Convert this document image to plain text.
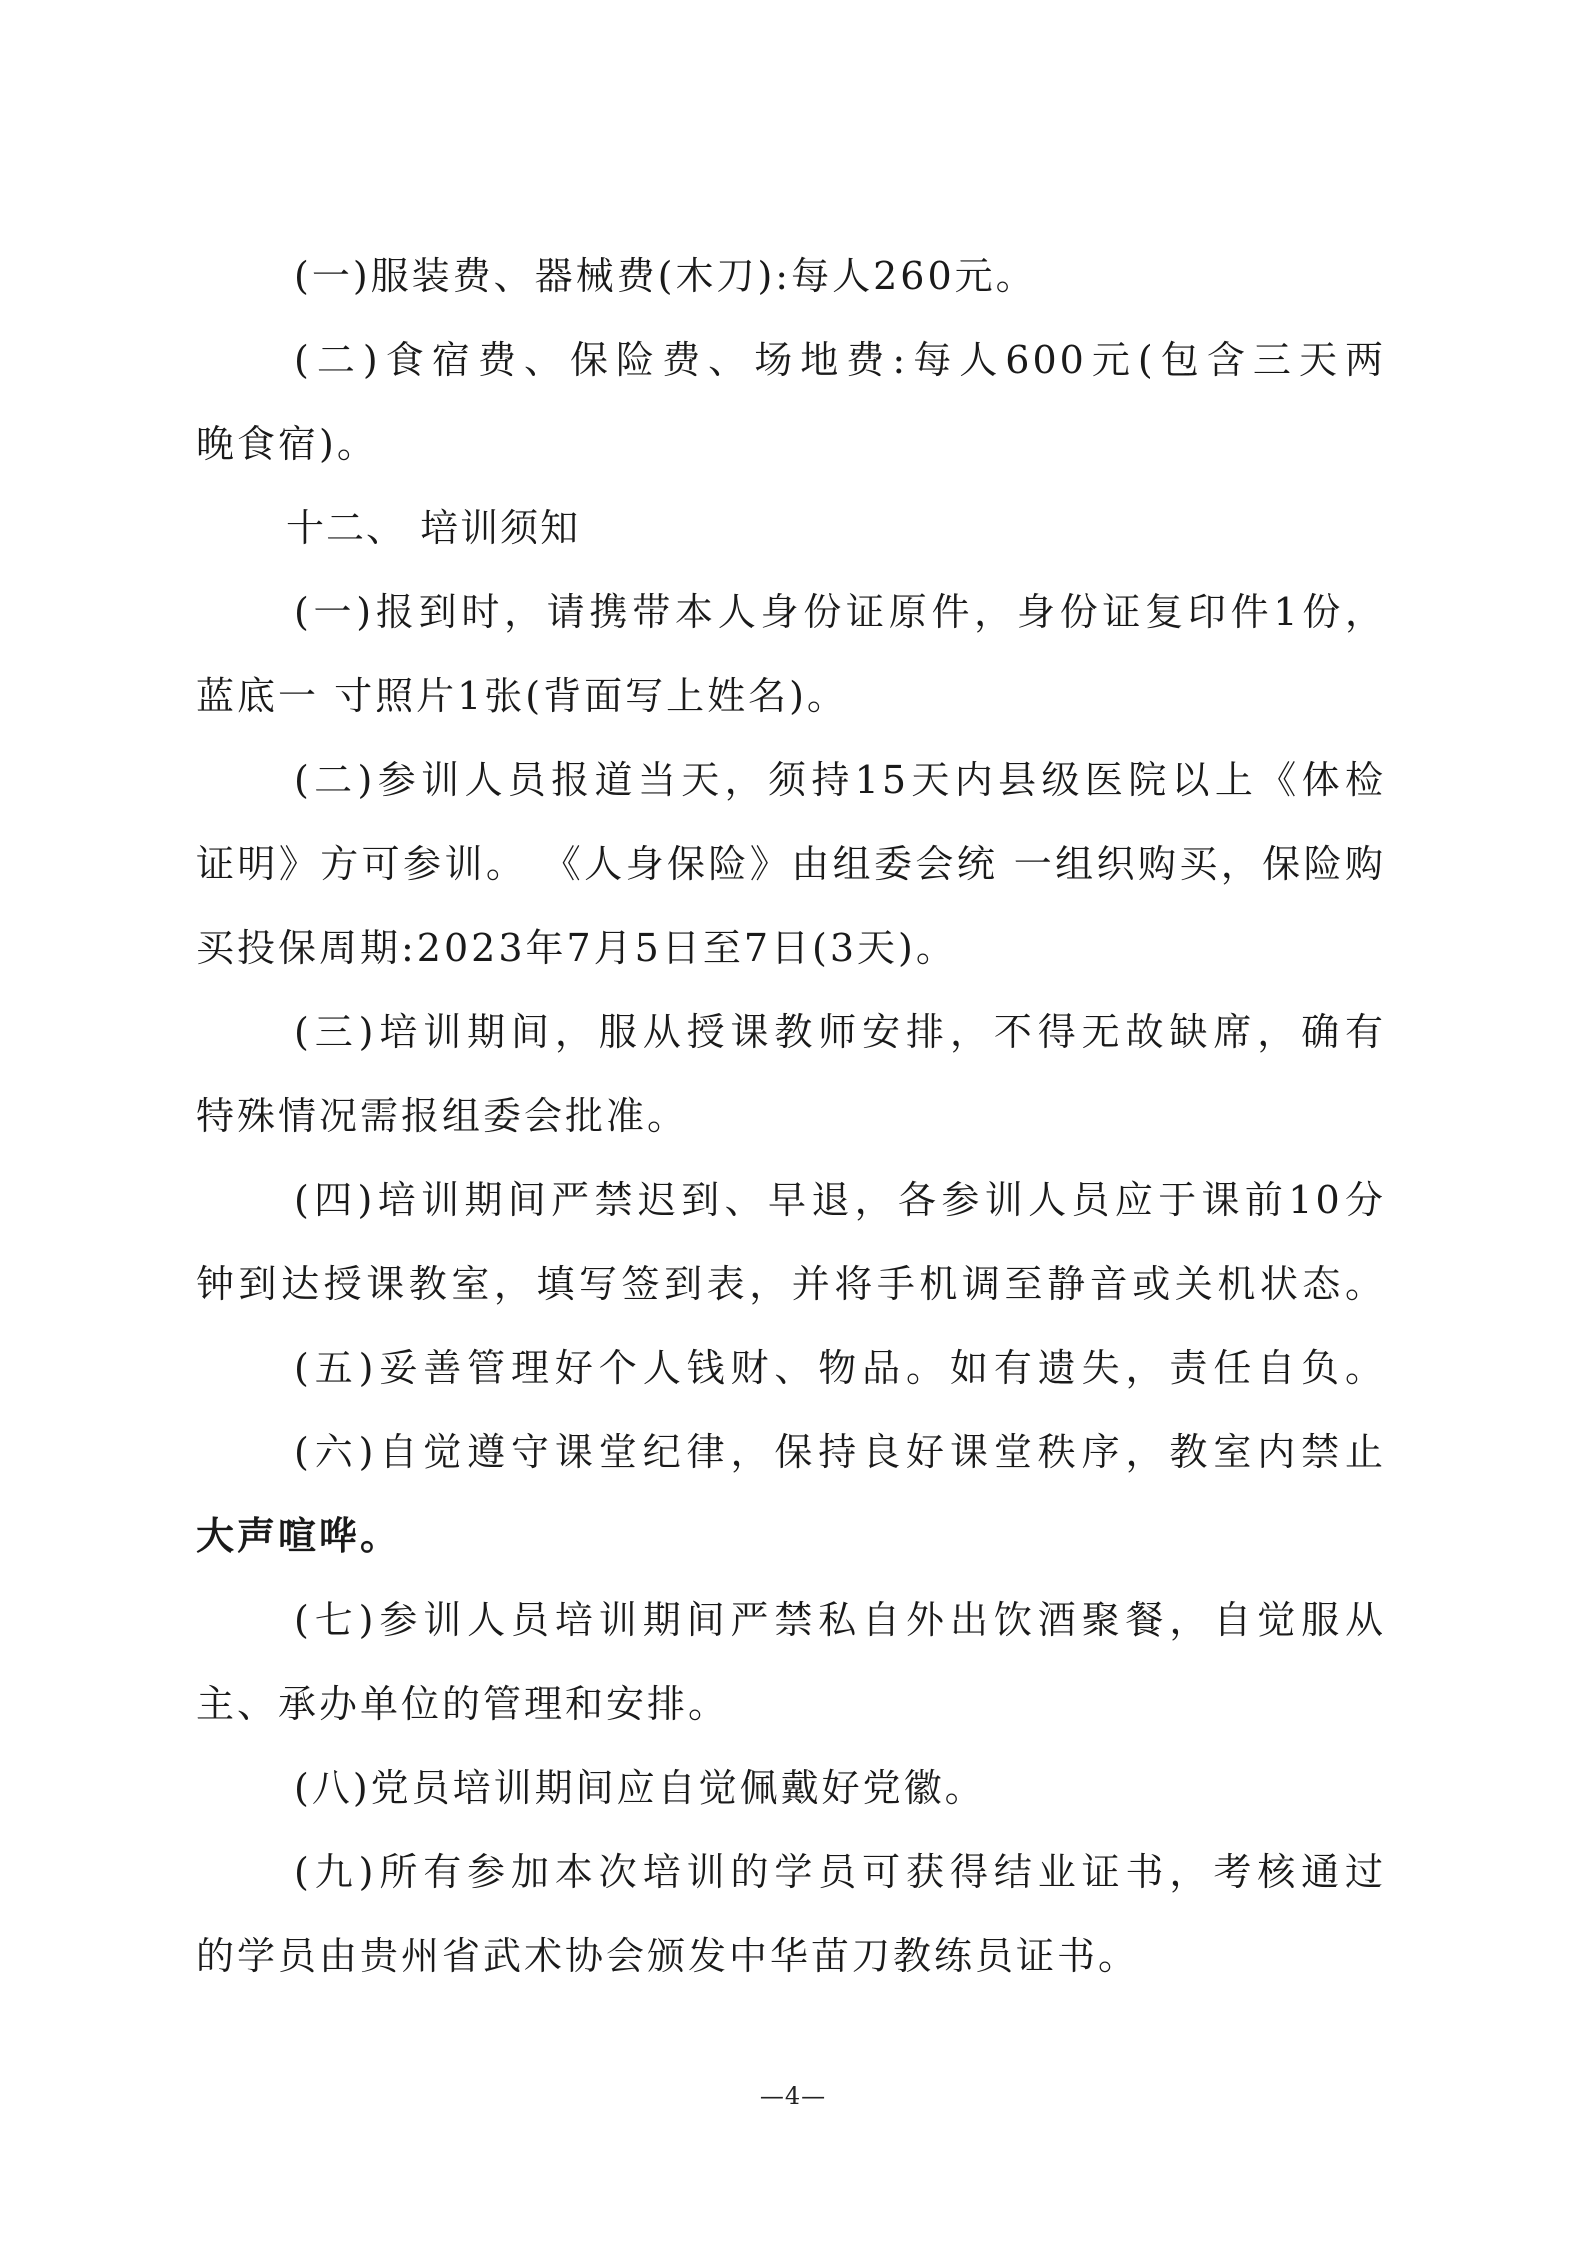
(一)服装费、器械费(木刀):每人260元。
(二)食宿费、保险费、场地费:每人600元(包含三天两
晚食宿)。
十二、 培训须知
(一)报到时，请携带本人身份证原件，身份证复印件1份，
蓝底一 寸照片1张(背面写上姓名)。
(二)参训人员报道当天，须持15天内县级医院以上《体检
证明》方可参训。 《人身保险》由组委会统 一组织购买，保险购
买投保周期:2023年7月5日至7日(3天)。
(三)培训期间，服从授课教师安排，不得无故缺席，确有
特殊情况需报组委会批准。
(四)培训期间严禁迟到、早退，各参训人员应于课前10分
钟到达授课教室，填写签到表，并将手机调至静音或关机状态。
(五)妥善管理好个人钱财、物品。如有遗失，责任自负。
(六)自觉遵守课堂纪律，保持良好课堂秩序，教室内禁止
大声喧哗。
(七)参训人员培训期间严禁私自外出饮酒聚餐，自觉服从
主、承办单位的管理和安排。
(八)党员培训期间应自觉佩戴好党徽。
(九)所有参加本次培训的学员可获得结业证书，考核通过
的学员由贵州省武术协会颁发中华苗刀教练员证书。
—4—
